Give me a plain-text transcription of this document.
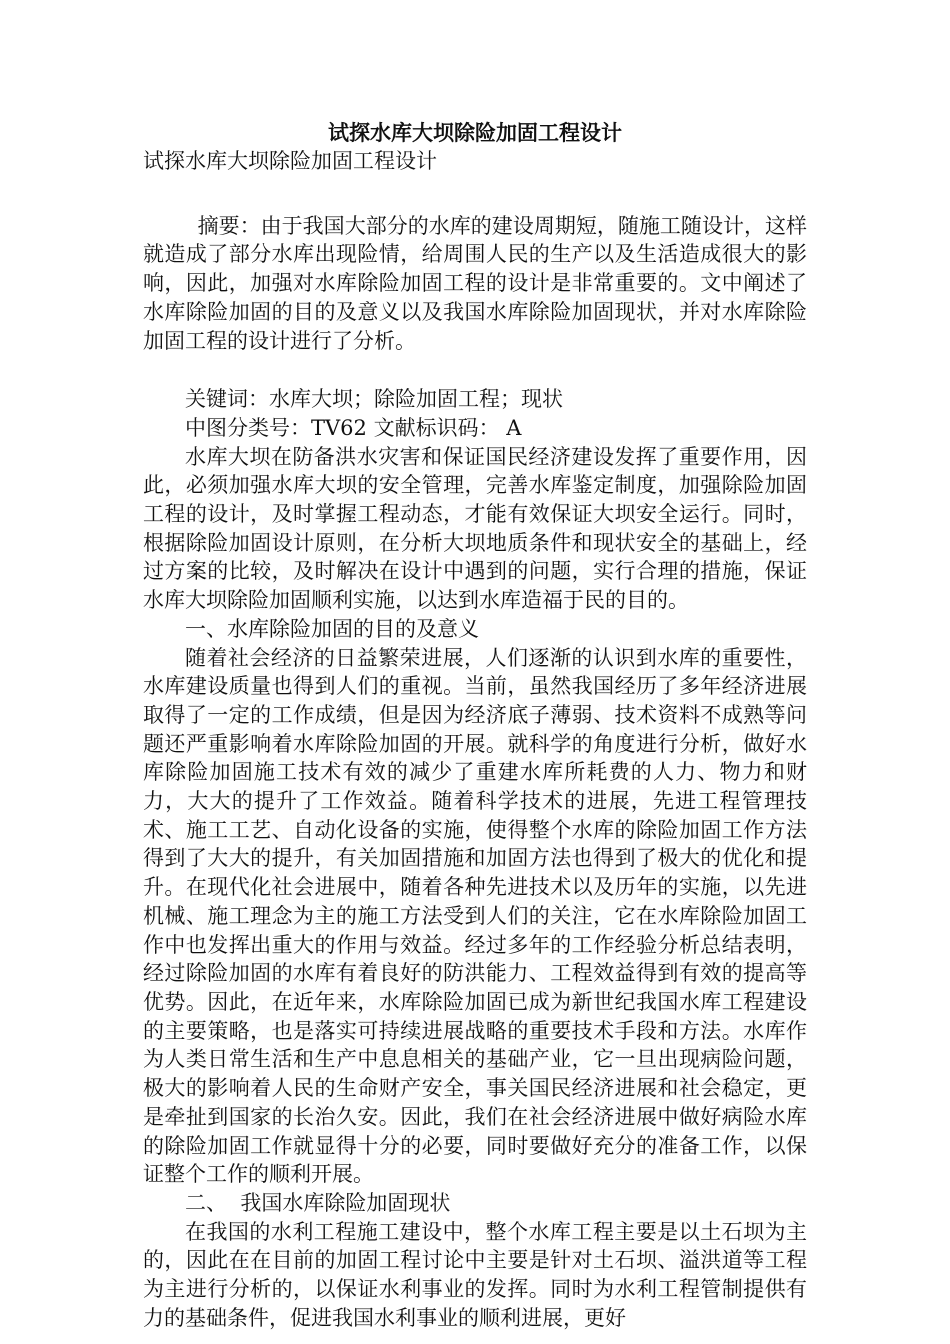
试探水库大坝除险加固工程设计

试探水库大坝除险加固工程设计

摘要：由于我国大部分的水库的建设周期短，随施工随设计，这样就造成了部分水库出现险情，给周围人民的生产以及生活造成很大的影响，因此，加强对水库除险加固工程的设计是非常重要的。文中阐述了水库除险加固的目的及意义以及我国水库除险加固现状，并对水库除险加固工程的设计进行了分析。

关键词：水库大坝；除险加固工程；现状

中图分类号：TV62 文献标识码： A

水库大坝在防备洪水灾害和保证国民经济建设发挥了重要作用，因此，必须加强水库大坝的安全管理，完善水库鉴定制度，加强除险加固工程的设计，及时掌握工程动态，才能有效保证大坝安全运行。同时，根据除险加固设计原则，在分析大坝地质条件和现状安全的基础上，经过方案的比较，及时解决在设计中遇到的问题，实行合理的措施，保证水库大坝除险加固顺利实施，以达到水库造福于民的目的。

一、水库除险加固的目的及意义

随着社会经济的日益繁荣进展，人们逐渐的认识到水库的重要性，水库建设质量也得到人们的重视。当前，虽然我国经历了多年经济进展取得了一定的工作成绩，但是因为经济底子薄弱、技术资料不成熟等问题还严重影响着水库除险加固的开展。就科学的角度进行分析，做好水库除险加固施工技术有效的减少了重建水库所耗费的人力、物力和财力，大大的提升了工作效益。随着科学技术的进展，先进工程管理技术、施工工艺、自动化设备的实施，使得整个水库的除险加固工作方法得到了大大的提升，有关加固措施和加固方法也得到了极大的优化和提升。在现代化社会进展中，随着各种先进技术以及历年的实施，以先进机械、施工理念为主的施工方法受到人们的关注，它在水库除险加固工作中也发挥出重大的作用与效益。经过多年的工作经验分析总结表明，经过除险加固的水库有着良好的防洪能力、工程效益得到有效的提高等优势。因此，在近年来，水库除险加固已成为新世纪我国水库工程建设的主要策略，也是落实可持续进展战略的重要技术手段和方法。水库作为人类日常生活和生产中息息相关的基础产业，它一旦出现病险问题，极大的影响着人民的生命财产安全，事关国民经济进展和社会稳定，更是牵扯到国家的长治久安。因此，我们在社会经济进展中做好病险水库的除险加固工作就显得十分的必要，同时要做好充分的准备工作，以保证整个工作的顺利开展。

二、  我国水库除险加固现状

在我国的水利工程施工建设中，整个水库工程主要是以土石坝为主的，因此在在目前的加固工程讨论中主要是针对土石坝、溢洪道等工程为主进行分析的，以保证水利事业的发挥。同时为水利工程管制提供有力的基础条件，促进我国水利事业的顺利进展，更好
